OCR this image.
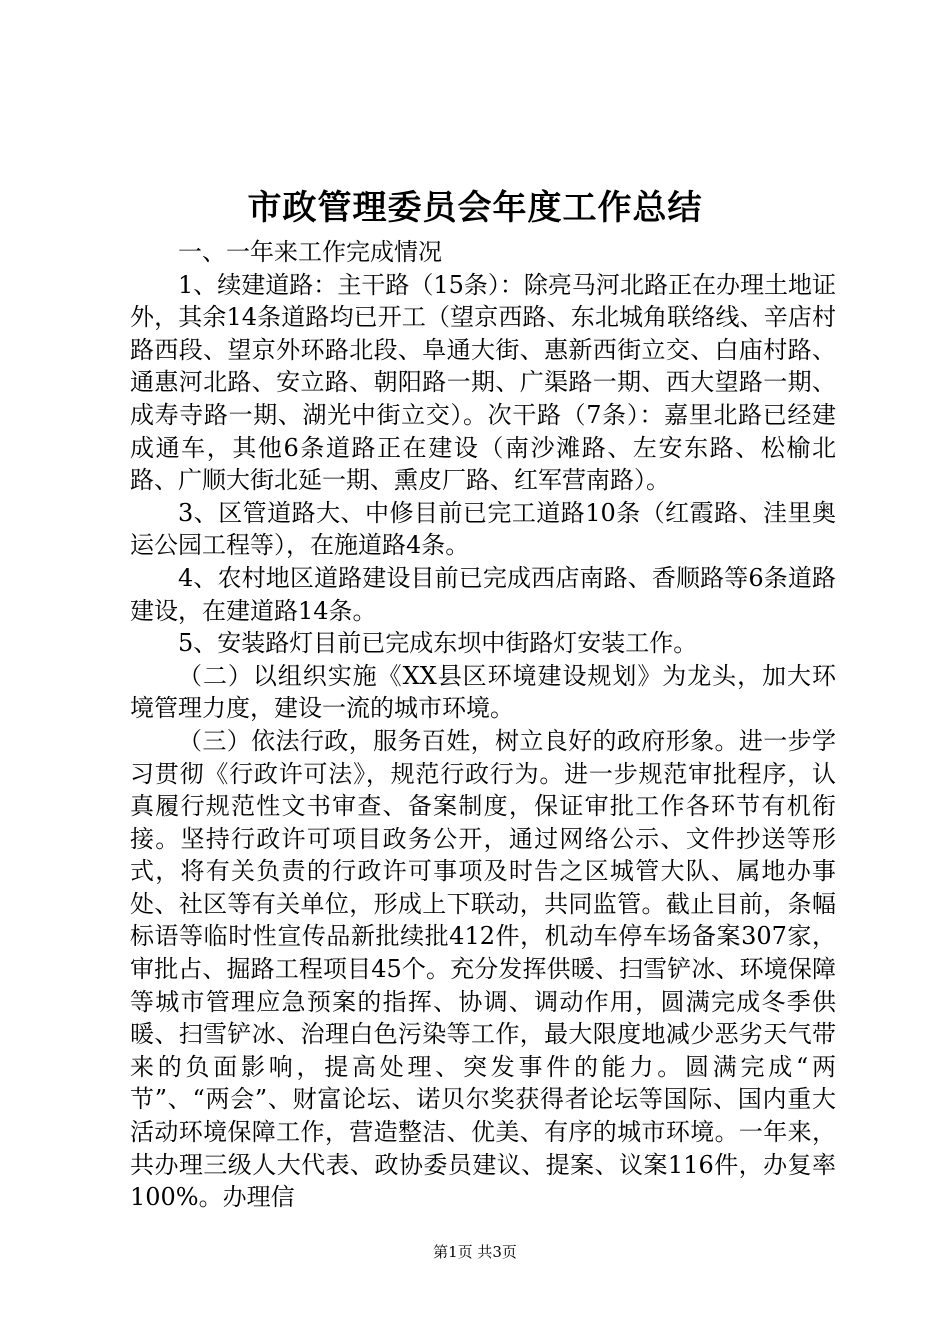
市政管理委员会年度工作总结

一、一年来工作完成情况

1、续建道路：主干路（15条）：除亮马河北路正在办理土地证外，其余14条道路均已开工（望京西路、东北城角联络线、辛店村路西段、望京外环路北段、阜通大街、惠新西街立交、白庙村路、通惠河北路、安立路、朝阳路一期、广渠路一期、西大望路一期、成寿寺路一期、湖光中街立交）。次干路（7条）：嘉里北路已经建成通车，其他6条道路正在建设（南沙滩路、左安东路、松榆北路、广顺大街北延一期、熏皮厂路、红军营南路）。

3、区管道路大、中修目前已完工道路10条（红霞路、洼里奥运公园工程等），在施道路4条。

4、农村地区道路建设目前已完成西店南路、香顺路等6条道路建设，在建道路14条。

5、安装路灯目前已完成东坝中街路灯安装工作。

（二）以组织实施《XX县区环境建设规划》为龙头，加大环境管理力度，建设一流的城市环境。

（三）依法行政，服务百姓，树立良好的政府形象。进一步学习贯彻《行政许可法》，规范行政行为。进一步规范审批程序，认真履行规范性文书审查、备案制度，保证审批工作各环节有机衔接。坚持行政许可项目政务公开，通过网络公示、文件抄送等形式，将有关负责的行政许可事项及时告之区城管大队、属地办事处、社区等有关单位，形成上下联动，共同监管。截止目前，条幅标语等临时性宣传品新批续批412件，机动车停车场备案307家，审批占、掘路工程项目45个。充分发挥供暖、扫雪铲冰、环境保障等城市管理应急预案的指挥、协调、调动作用，圆满完成冬季供暖、扫雪铲冰、治理白色污染等工作，最大限度地减少恶劣天气带来的负面影响，提高处理、突发事件的能力。圆满完成“两节”、“两会”、财富论坛、诺贝尔奖获得者论坛等国际、国内重大活动环境保障工作，营造整洁、优美、有序的城市环境。一年来，共办理三级人大代表、政协委员建议、提案、议案116件，办复率100%。办理信

第1页 共3页
